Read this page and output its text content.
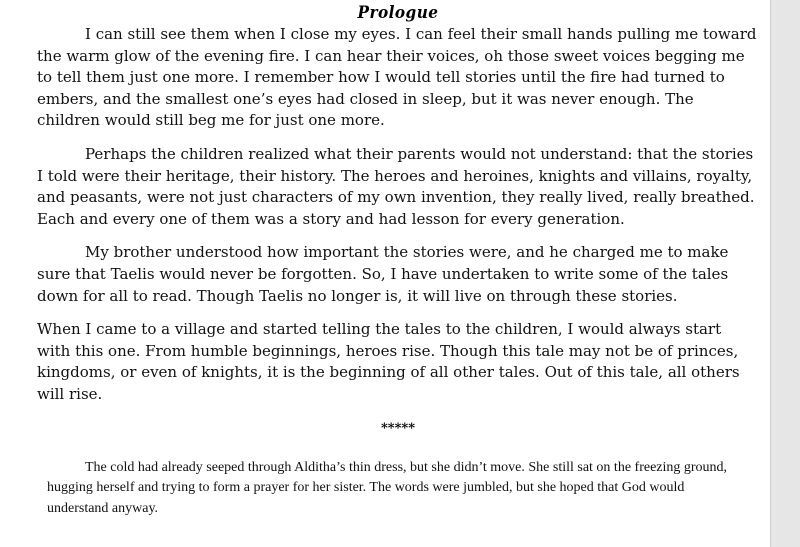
Prologue

I can still see them when I close my eyes. I can feel their small hands pulling me toward the warm glow of the evening fire. I can hear their voices, oh those sweet voices begging me to tell them just one more. I remember how I would tell stories until the fire had turned to embers, and the smallest one’s eyes had closed in sleep, but it was never enough. The children would still beg me for just one more.

Perhaps the children realized what their parents would not understand: that the stories I told were their heritage, their history. The heroes and heroines, knights and villains, royalty, and peasants, were not just characters of my own invention, they really lived, really breathed. Each and every one of them was a story and had lesson for every generation.

My brother understood how important the stories were, and he charged me to make sure that Taelis would never be forgotten. So, I have undertaken to write some of the tales down for all to read. Though Taelis no longer is, it will live on through these stories.

When I came to a village and started telling the tales to the children, I would always start with this one. From humble beginnings, heroes rise. Though this tale may not be of princes, kingdoms, or even of knights, it is the beginning of all other tales. Out of this tale, all others will rise.

*****

The cold had already seeped through Alditha’s thin dress, but she didn’t move. She still sat on the freezing ground, hugging herself and trying to form a prayer for her sister. The words were jumbled, but she hoped that God would understand anyway.
